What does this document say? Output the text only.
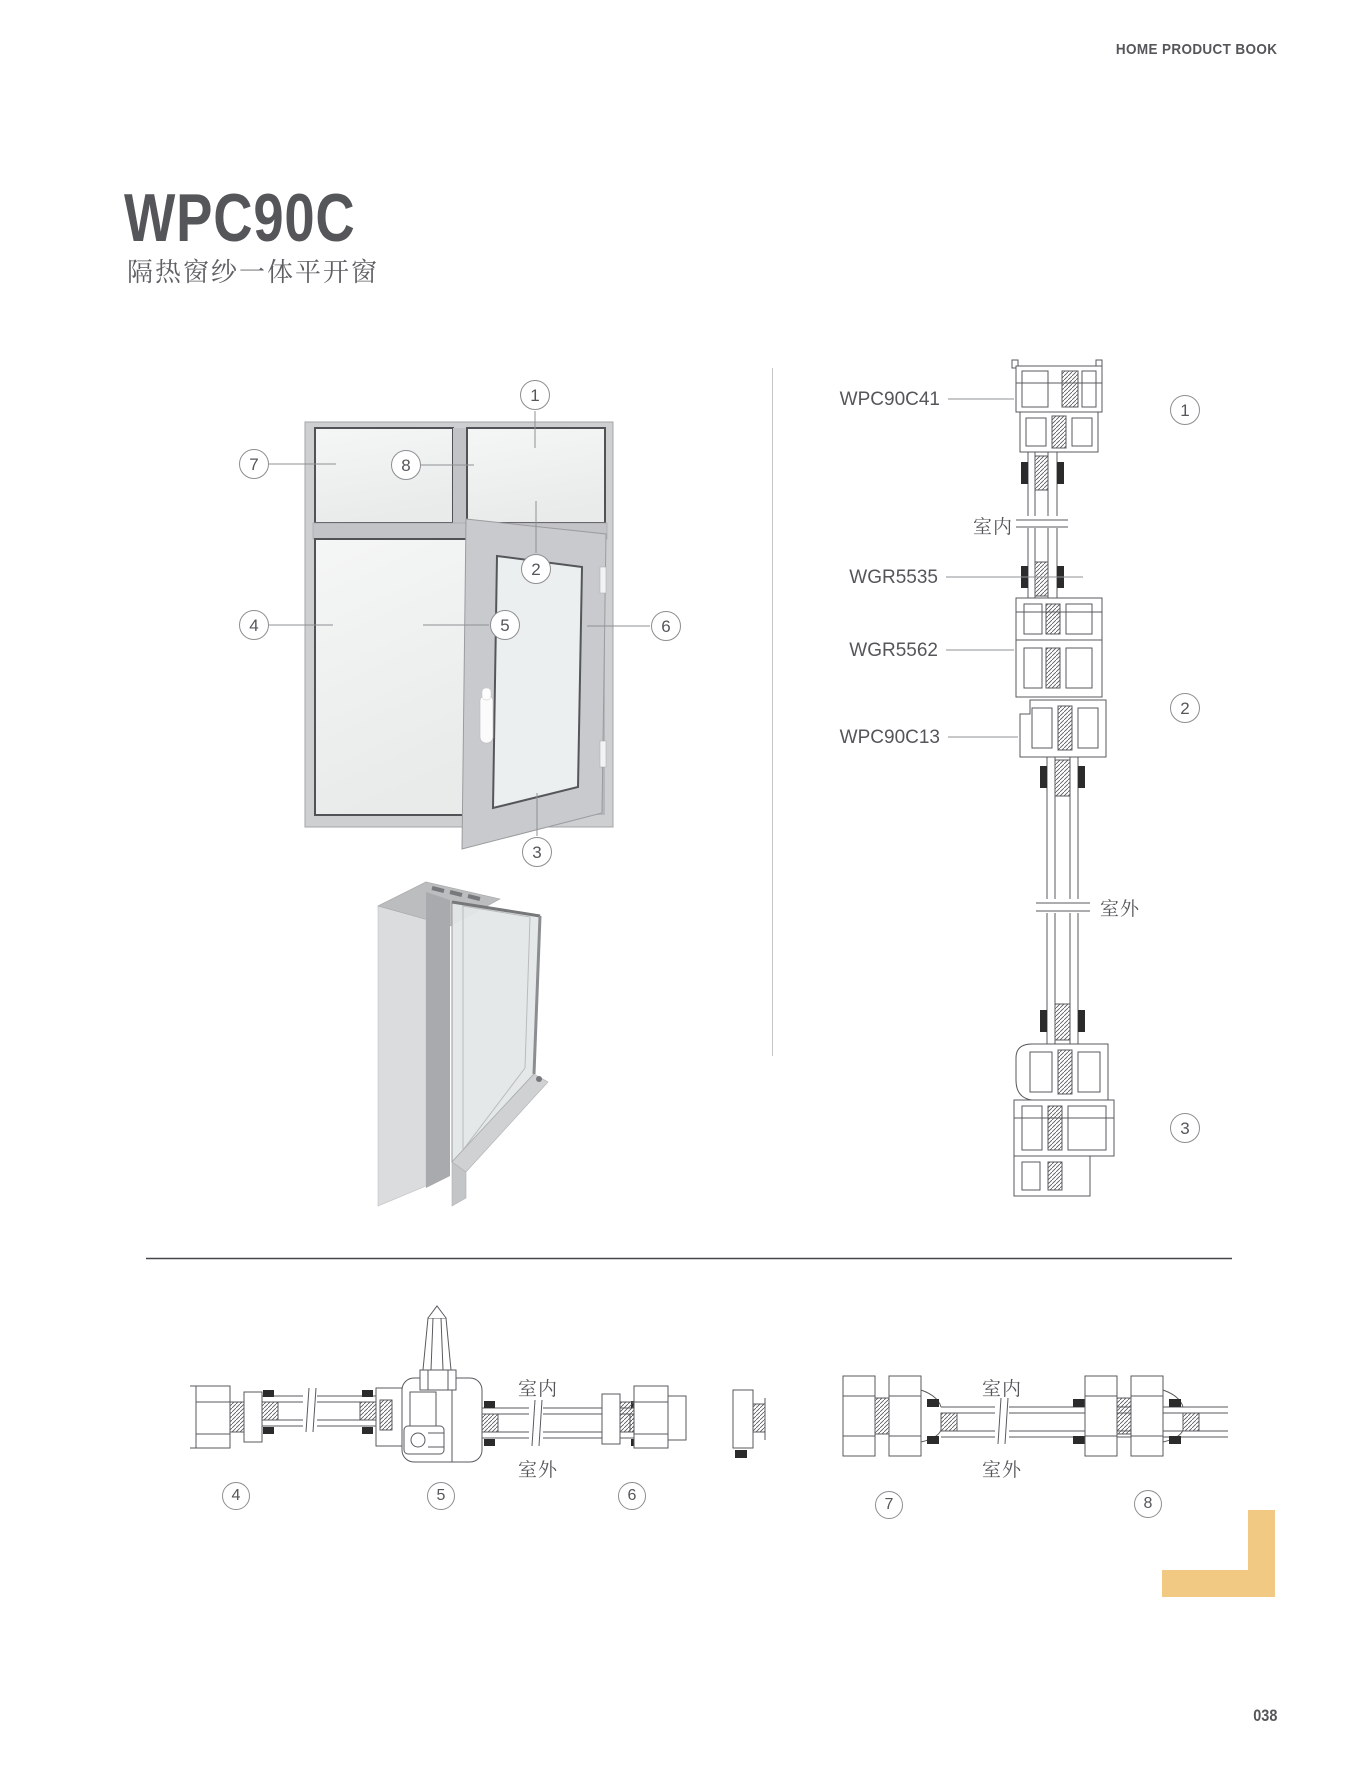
HOME PRODUCT BOOK
WPC90C
隔热窗纱一体平开窗
1
2
3
4	5	6
7	8
WPC90C41
WGR5535
WGR5562
WPC90C13
室内
室外
1
2
3
室内
室外
4	5	6
室内
室外
7	8
038
